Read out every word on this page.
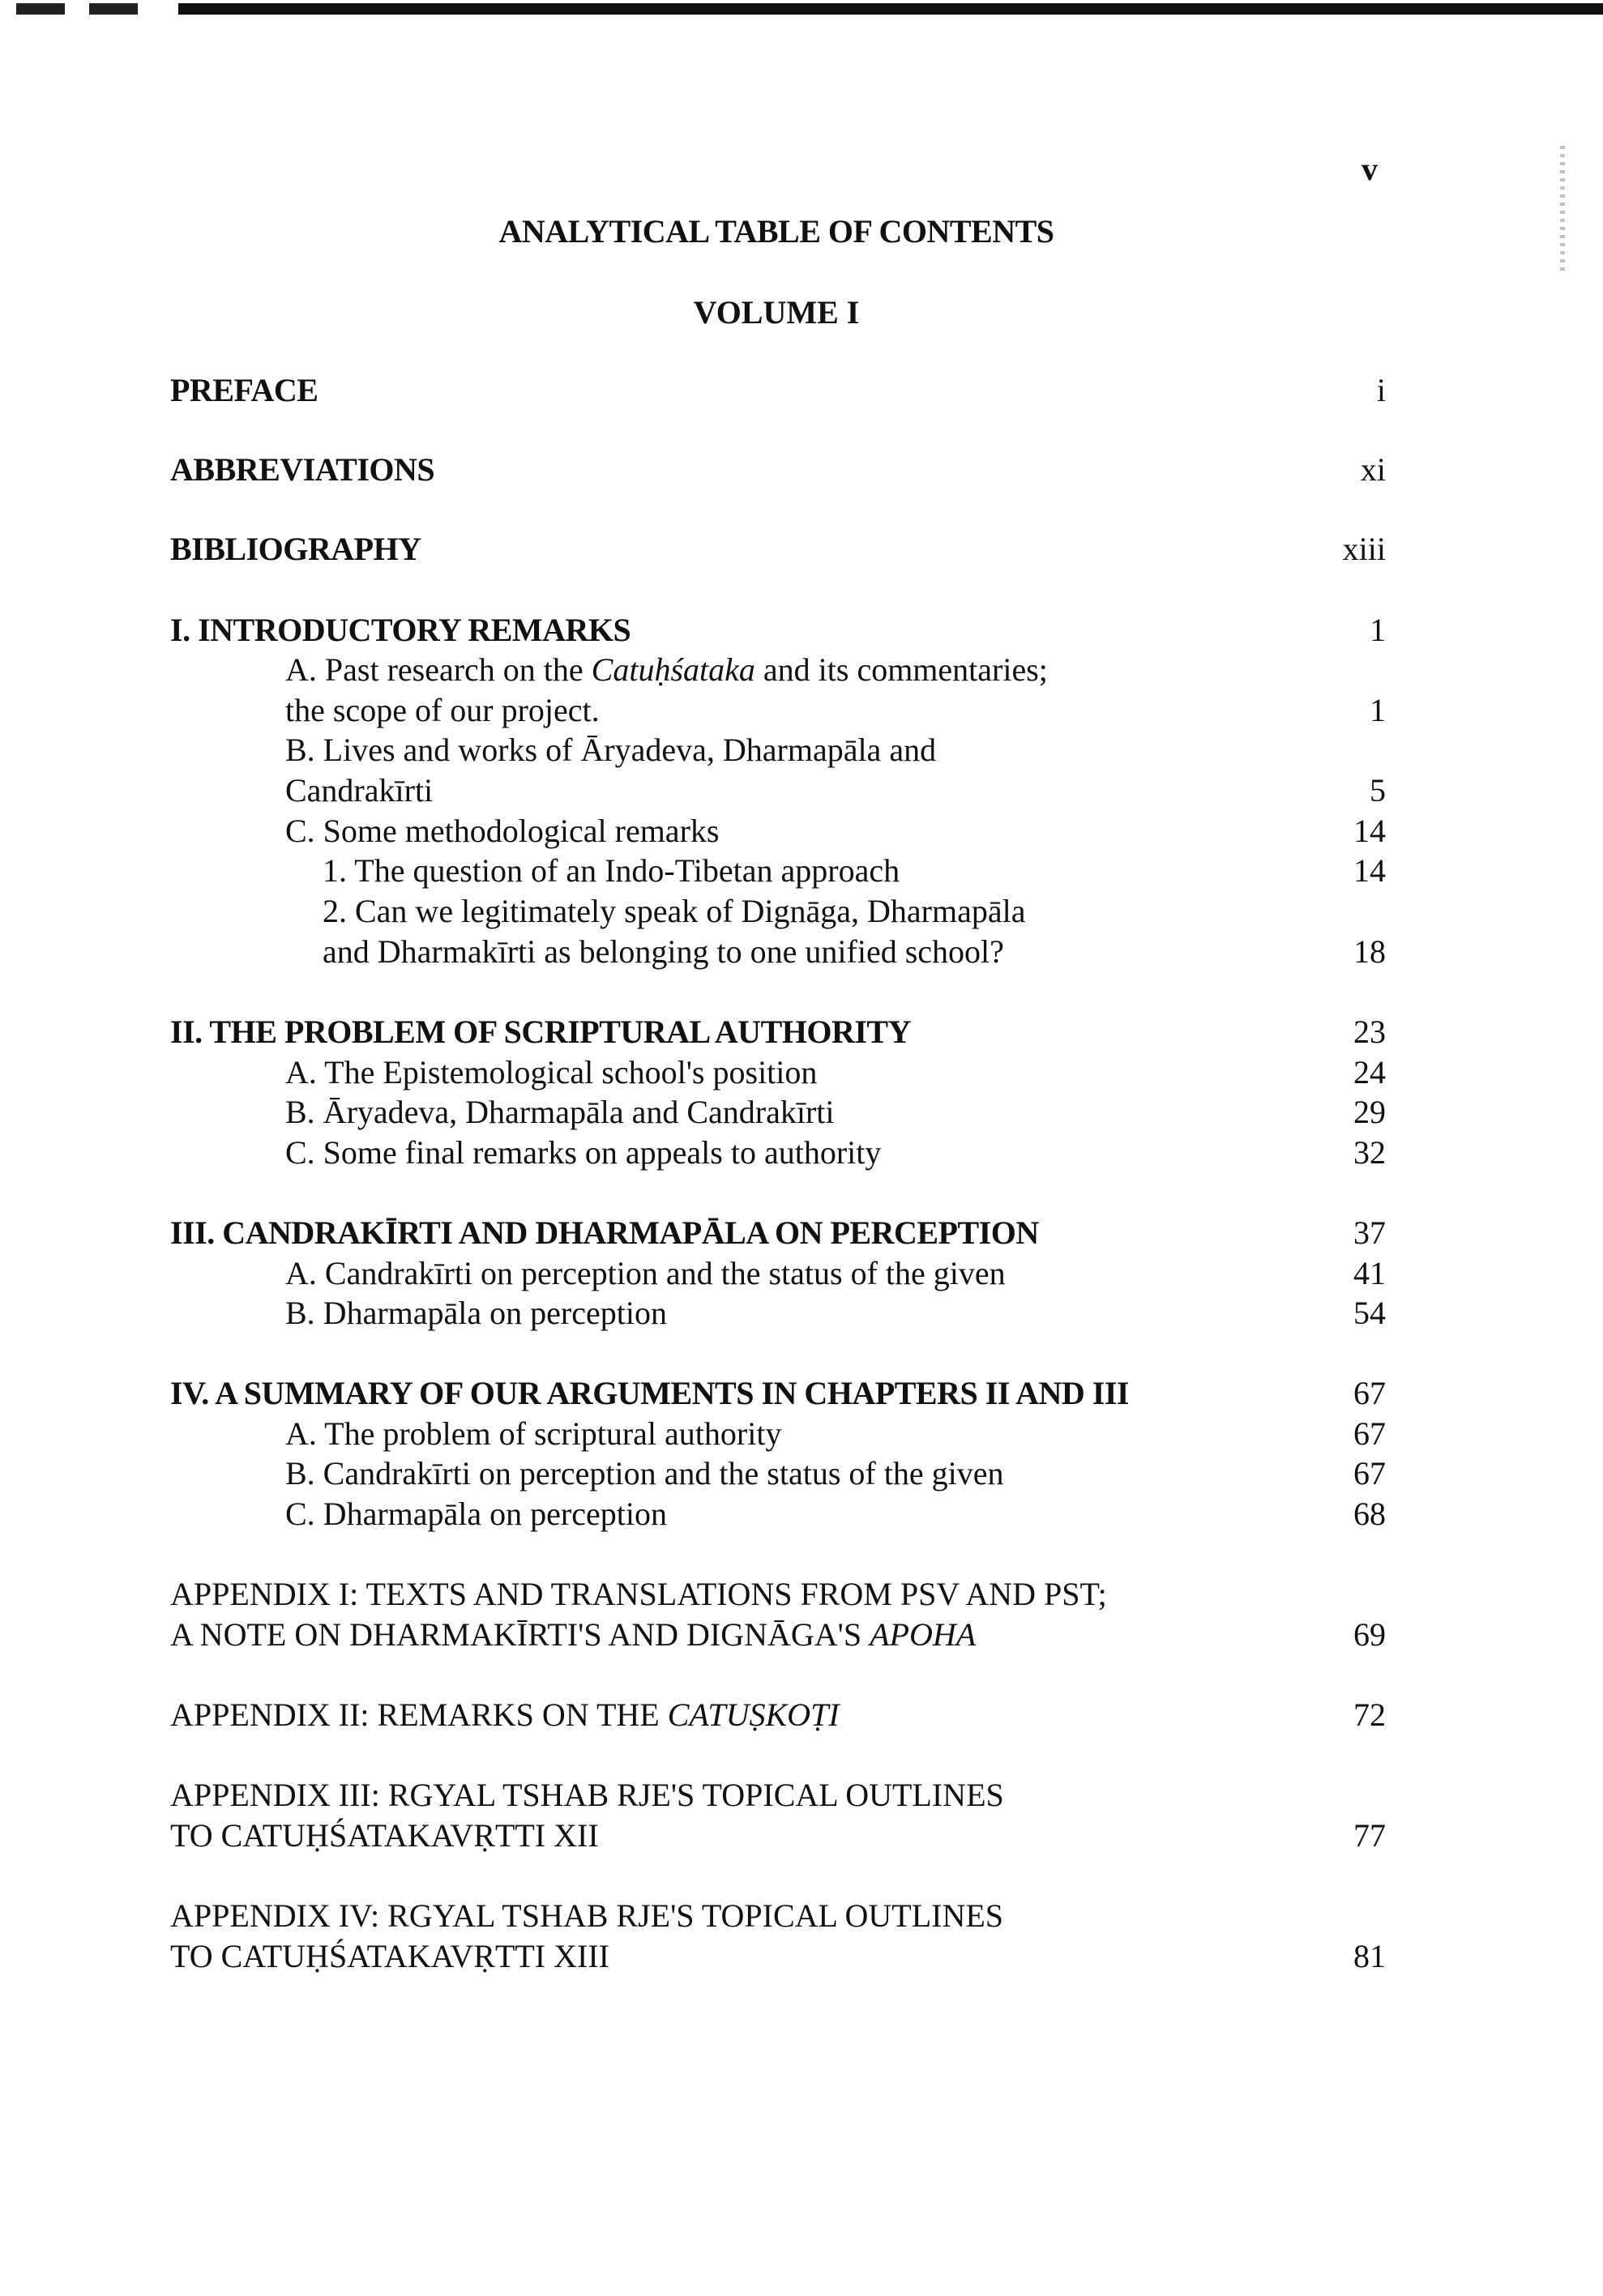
v
ANALYTICAL TABLE OF CONTENTS
VOLUME I
PREFACE	i
ABBREVIATIONS	xi
BIBLIOGRAPHY	xiii
I. INTRODUCTORY REMARKS	1
A. Past research on the Catuḥśataka and its commentaries;
the scope of our project.	1
B. Lives and works of Āryadeva, Dharmapāla and
Candrakīrti	5
C. Some methodological remarks	14
1. The question of an Indo-Tibetan approach	14
2. Can we legitimately speak of Dignāga, Dharmapāla
and Dharmakīrti as belonging to one unified school?	18
II. THE PROBLEM OF SCRIPTURAL AUTHORITY	23
A. The Epistemological school's position	24
B. Āryadeva, Dharmapāla and Candrakīrti	29
C. Some final remarks on appeals to authority	32
III. CANDRAKĪRTI AND DHARMAPĀLA ON PERCEPTION	37
A. Candrakīrti on perception and the status of the given	41
B. Dharmapāla on perception	54
IV. A SUMMARY OF OUR ARGUMENTS IN CHAPTERS II AND III	67
A. The problem of scriptural authority	67
B. Candrakīrti on perception and the status of the given	67
C. Dharmapāla on perception	68
APPENDIX I: TEXTS AND TRANSLATIONS FROM PSV AND PST;
A NOTE ON DHARMAKĪRTI'S AND DIGNĀGA'S APOHA	69
APPENDIX II: REMARKS ON THE CATUṢKOṬI	72
APPENDIX III: RGYAL TSHAB RJE'S TOPICAL OUTLINES
TO CATUḤŚATAKAVṚTTI XII	77
APPENDIX IV: RGYAL TSHAB RJE'S TOPICAL OUTLINES
TO CATUḤŚATAKAVṚTTI XIII	81
